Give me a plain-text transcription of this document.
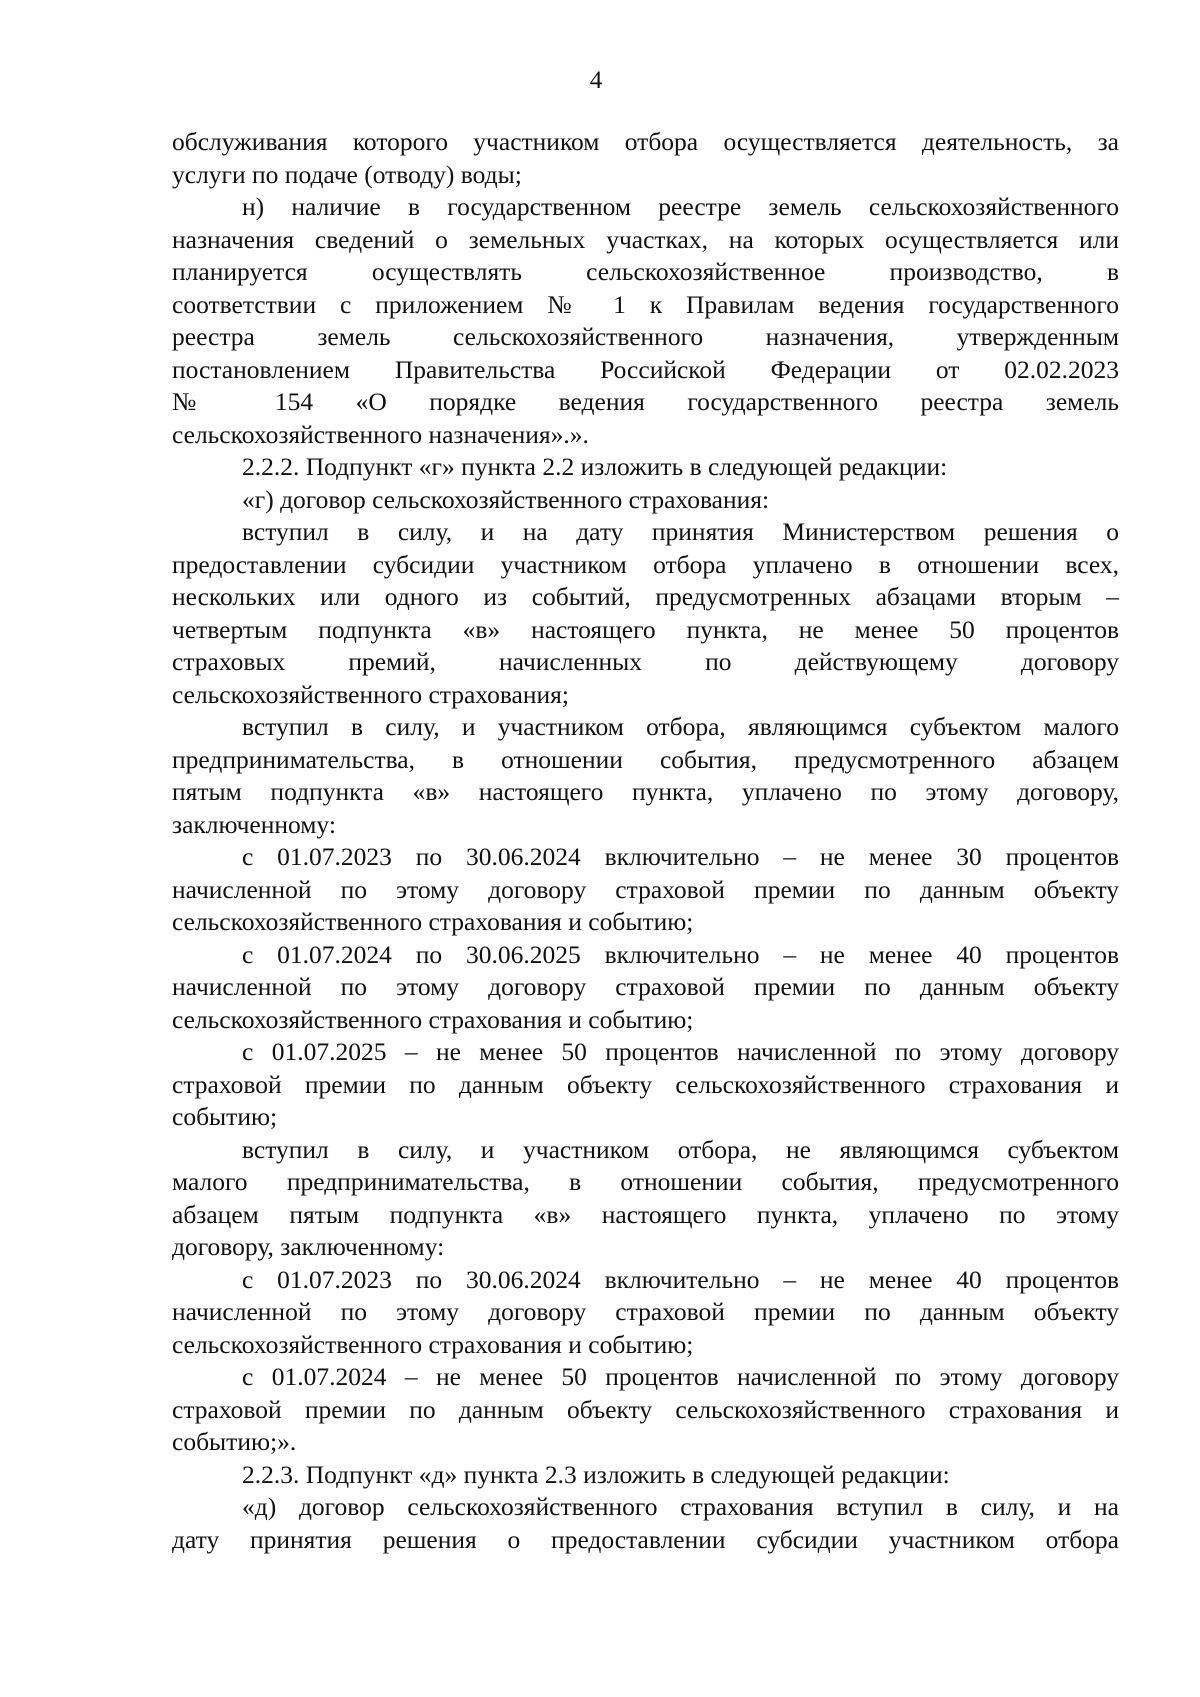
4
обслуживания которого участником отбора осуществляется деятельность, за
услуги по подаче (отводу) воды;
н) наличие в государственном реестре земель сельскохозяйственного
назначения сведений о земельных участках, на которых осуществляется или
планируется осуществлять сельскохозяйственное производство, в
соответствии с приложением № 1 к Правилам ведения государственного
реестра земель сельскохозяйственного назначения, утвержденным
постановлением Правительства Российской Федерации от 02.02.2023
№ 154 «О порядке ведения государственного реестра земель
сельскохозяйственного назначения».».
2.2.2. Подпункт «г» пункта 2.2 изложить в следующей редакции:
«г) договор сельскохозяйственного страхования:
вступил в силу, и на дату принятия Министерством решения о
предоставлении субсидии участником отбора уплачено в отношении всех,
нескольких или одного из событий, предусмотренных абзацами вторым –
четвертым подпункта «в» настоящего пункта, не менее 50 процентов
страховых премий, начисленных по действующему договору
сельскохозяйственного страхования;
вступил в силу, и участником отбора, являющимся субъектом малого
предпринимательства, в отношении события, предусмотренного абзацем
пятым подпункта «в» настоящего пункта, уплачено по этому договору,
заключенному:
с 01.07.2023 по 30.06.2024 включительно – не менее 30 процентов
начисленной по этому договору страховой премии по данным объекту
сельскохозяйственного страхования и событию;
с 01.07.2024 по 30.06.2025 включительно – не менее 40 процентов
начисленной по этому договору страховой премии по данным объекту
сельскохозяйственного страхования и событию;
с 01.07.2025 – не менее 50 процентов начисленной по этому договору
страховой премии по данным объекту сельскохозяйственного страхования и
событию;
вступил в силу, и участником отбора, не являющимся субъектом
малого предпринимательства, в отношении события, предусмотренного
абзацем пятым подпункта «в» настоящего пункта, уплачено по этому
договору, заключенному:
с 01.07.2023 по 30.06.2024 включительно – не менее 40 процентов
начисленной по этому договору страховой премии по данным объекту
сельскохозяйственного страхования и событию;
с 01.07.2024 – не менее 50 процентов начисленной по этому договору
страховой премии по данным объекту сельскохозяйственного страхования и
событию;».
2.2.3. Подпункт «д» пункта 2.3 изложить в следующей редакции:
«д) договор сельскохозяйственного страхования вступил в силу, и на
дату принятия решения о предоставлении субсидии участником отбора
